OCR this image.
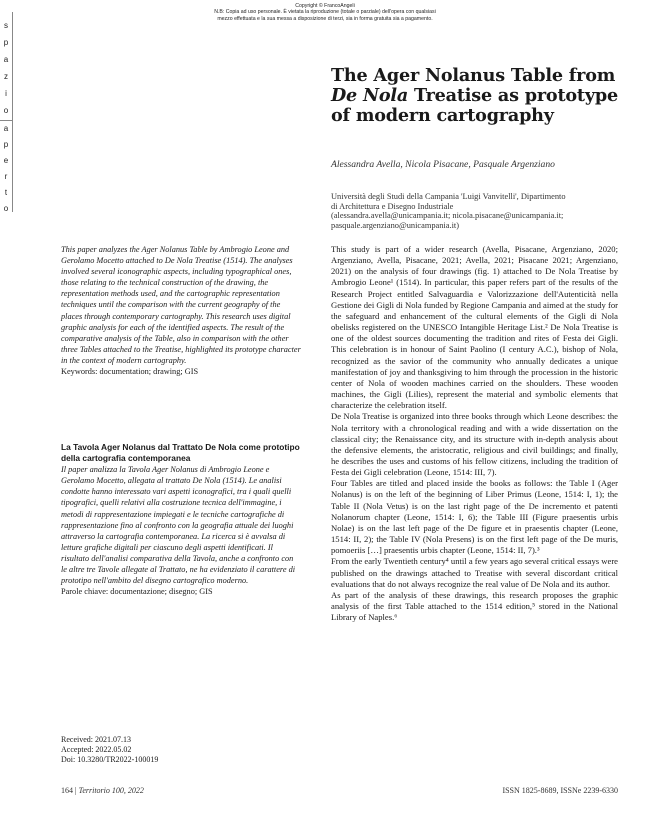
Copyright © FrancoAngeli
N.B: Copia ad uso personale. È vietata la riproduzione (totale o parziale) dell'opera con qualsiasi
mezzo effettuata e la sua messa a disposizione di terzi, sia in forma gratuita sia a pagamento.
s
p
a
z
i
o
a
p
e
r
t
o
The Ager Nolanus Table from De Nola Treatise as prototype of modern cartography
Alessandra Avella, Nicola Pisacane, Pasquale Argenziano
Università degli Studi della Campania 'Luigi Vanvitelli', Dipartimento
di Architettura e Disegno Industriale
(alessandra.avella@unicampania.it; nicola.pisacane@unicampania.it;
pasquale.argenziano@unicampania.it)

This paper analyzes the Ager Nolanus Table by Ambrogio Leone and Gerolamo Mocetto attached to De Nola Treatise (1514). The analyses involved several iconographic aspects, including typographical ones, those relating to the technical construction of the drawing, the representation methods used, and the cartographic representation techniques until the comparison with the current geography of the places through contemporary cartography. This research uses digital graphic analysis for each of the identified aspects. The result of the comparative analysis of the Table, also in comparison with the other three Tables attached to the Treatise, highlighted its prototype character in the context of modern cartography.

Keywords: documentation; drawing; GIS
La Tavola Ager Nolanus dal Trattato De Nola come prototipo della cartografia contemporanea

Il paper analizza la Tavola Ager Nolanus di Ambrogio Leone e Gerolamo Mocetto, allegata al trattato De Nola (1514). Le analisi condotte hanno interessato vari aspetti iconografici, tra i quali quelli tipografici, quelli relativi alla costruzione tecnica dell'immagine, i metodi di rappresentazione impiegati e le tecniche cartografiche di rappresentazione fino al confronto con la geografia attuale dei luoghi attraverso la cartografia contemporanea. La ricerca si è avvalsa di letture grafiche digitali per ciascuno degli aspetti identificati. Il risultato dell'analisi comparativa della Tavola, anche a confronto con le altre tre Tavole allegate al Trattato, ne ha evidenziato il carattere di prototipo nell'ambito del disegno cartografico moderno.

Parole chiave: documentazione; disegno; GIS
Received: 2021.07.13
Accepted: 2022.05.02
Doi: 10.3280/TR2022-100019

This study is part of a wider research (Avella, Pisacane, Argenziano, 2020; Argenziano, Avella, Pisacane, 2021; Avella, 2021; Pisacane 2021; Argenziano, 2021) on the analysis of four drawings (fig. 1) attached to De Nola Treatise by Ambrogio Leone¹ (1514). In particular, this paper refers part of the results of the Research Project entitled Salvaguardia e Valorizzazione dell'Autenticità nella Gestione dei Gigli di Nola funded by Regione Campania and aimed at the study for the safeguard and enhancement of the cultural elements of the Gigli di Nola obelisks registered on the UNESCO Intangible Heritage List.² De Nola Treatise is one of the oldest sources documenting the tradition and rites of Festa dei Gigli. This celebration is in honour of Saint Paolino (I century A.C.), bishop of Nola, recognized as the savior of the community who annually dedicates a unique manifestation of joy and thanksgiving to him through the procession in the historic center of Nola of wooden machines carried on the shoulders. These wooden machines, the Gigli (Lilies), represent the material and symbolic elements that characterize the celebration itself.

De Nola Treatise is organized into three books through which Leone describes: the Nola territory with a chronological reading and with a wide dissertation on the classical city; the Renaissance city, and its structure with in-depth analysis about the defensive elements, the aristocratic, religious and civil buildings; and finally, he describes the uses and customs of his fellow citizens, including the tradition of Festa dei Gigli celebration (Leone, 1514: III, 7).

Four Tables are titled and placed inside the books as follows: the Table I (Ager Nolanus) is on the left of the beginning of Liber Primus (Leone, 1514: I, 1); the Table II (Nola Vetus) is on the last right page of the De incremento et patenti Nolanorum chapter (Leone, 1514: I, 6); the Table III (Figure praesentis urbis Nolae) is on the last left page of the De figure et in praesentis chapter (Leone, 1514: II, 2); the Table IV (Nola Presens) is on the first left page of the De muris, pomoeriis […] praesentis urbis chapter (Leone, 1514: II, 7).³

From the early Twentieth century⁴ until a few years ago several critical essays were published on the drawings attached to Treatise with several discordant critical evaluations that do not always recognize the real value of De Nola and its author.

As part of the analysis of these drawings, this research proposes the graphic analysis of the first Table attached to the 1514 edition,⁵ stored in the National Library of Naples.⁶

164 | Territorio 100, 2022	ISSN 1825-8689, ISSNe 2239-6330
